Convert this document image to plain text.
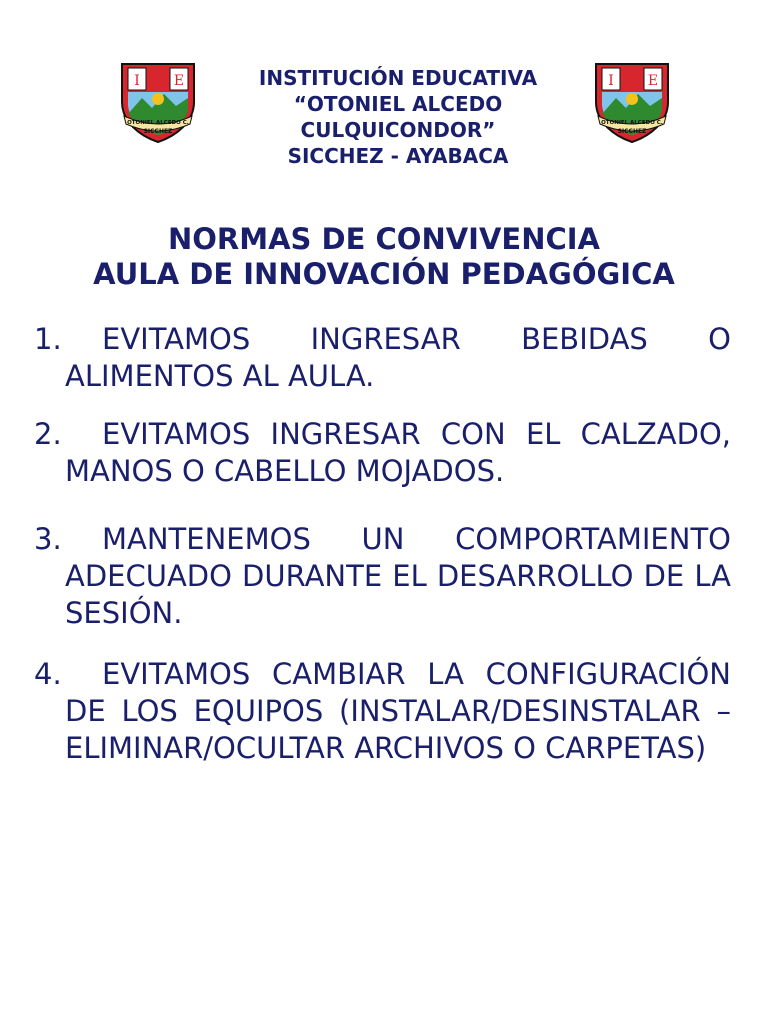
I E
OTONIEL ALCEDO C.
SICCHEZ
INSTITUCIÓN EDUCATIVA
“OTONIEL ALCEDO
CULQUICONDOR”
SICCHEZ - AYABACA
I E
OTONIEL ALCEDO C.
SICCHEZ
NORMAS DE CONVIVENCIA
AULA DE INNOVACIÓN PEDAGÓGICA
1.	EVITAMOS INGRESAR BEBIDAS O ALIMENTOS AL AULA.
2.	EVITAMOS INGRESAR CON EL CALZADO, MANOS O CABELLO MOJADOS.
3.	MANTENEMOS UN COMPORTAMIENTO ADECUADO DURANTE EL DESARROLLO DE LA SESIÓN.
4.	EVITAMOS CAMBIAR LA CONFIGURACIÓN DE LOS EQUIPOS (INSTALAR/DESINSTALAR – ELIMINAR/OCULTAR ARCHIVOS O CARPETAS)
